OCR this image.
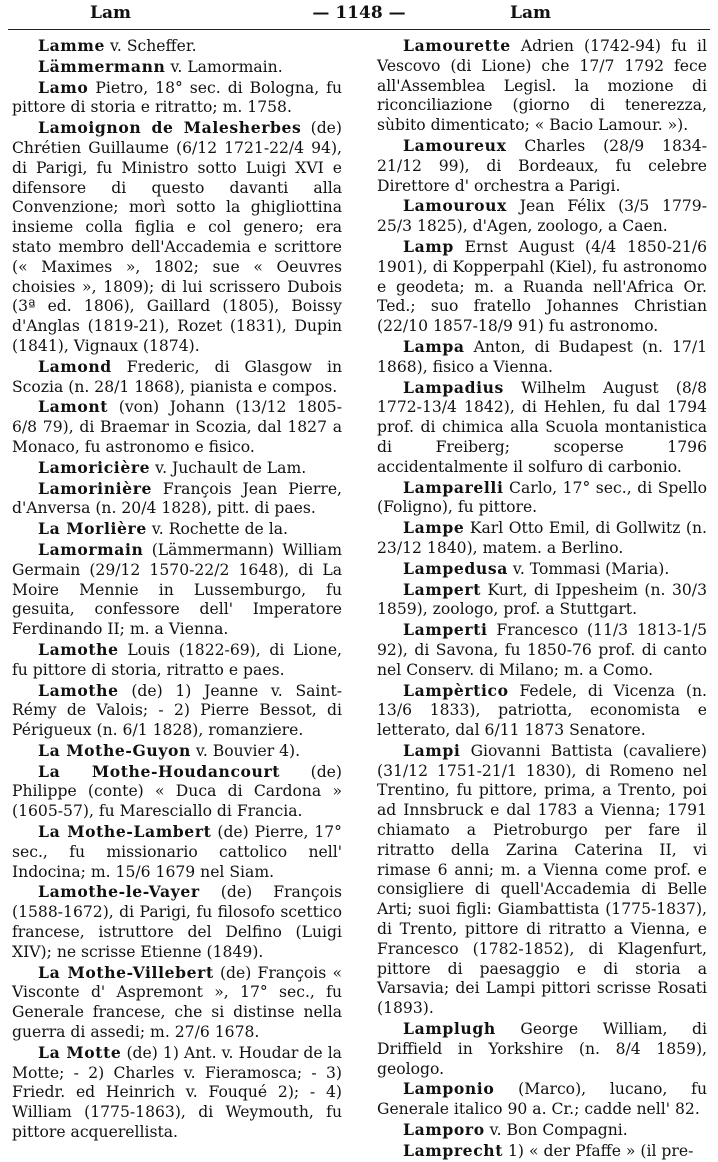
Lam	— 1148 —	Lam

Lamme v. Scheffer.

Lämmermann v. Lamormain.

Lamo Pietro, 18° sec. di Bologna, fu pittore di storia e ritratto; m. 1758.

Lamoignon de Malesherbes (de) Chrétien Guillaume (6/12 1721-22/4 94), di Parigi, fu Ministro sotto Luigi XVI e difensore di questo davanti alla Convenzione; morì sotto la ghigliottina insieme colla figlia e col genero; era stato membro dell'Accademia e scrittore (« Maximes », 1802; sue « Oeuvres choisies », 1809); di lui scrissero Dubois (3ª ed. 1806), Gaillard (1805), Boissy d'Anglas (1819-21), Rozet (1831), Dupin (1841), Vignaux (1874).

Lamond Frederic, di Glasgow in Scozia (n. 28/1 1868), pianista e compos.

Lamont (von) Johann (13/12 1805-6/8 79), di Braemar in Scozia, dal 1827 a Monaco, fu astronomo e fisico.

Lamoricière v. Juchault de Lam.

Lamorinière François Jean Pierre, d'Anversa (n. 20/4 1828), pitt. di paes.

La Morlière v. Rochette de la.

Lamormain (Lämmermann) William Germain (29/12 1570-22/2 1648), di La Moire Mennie in Lussemburgo, fu gesuita, confessore dell' Imperatore Ferdinando II; m. a Vienna.

Lamothe Louis (1822-69), di Lione, fu pittore di storia, ritratto e paes.

Lamothe (de) 1) Jeanne v. Saint-Rémy de Valois; - 2) Pierre Bessot, di Périgueux (n. 6/1 1828), romanziere.

La Mothe-Guyon v. Bouvier 4).

La Mothe-Houdancourt (de) Philippe (conte) « Duca di Cardona » (1605-57), fu Maresciallo di Francia.

La Mothe-Lambert (de) Pierre, 17° sec., fu missionario cattolico nell' Indocina; m. 15/6 1679 nel Siam.

Lamothe-le-Vayer (de) François (1588-1672), di Parigi, fu filosofo scettico francese, istruttore del Delfino (Luigi XIV); ne scrisse Etienne (1849).

La Mothe-Villebert (de) François « Visconte d' Aspremont », 17° sec., fu Generale francese, che si distinse nella guerra di assedi; m. 27/6 1678.

La Motte (de) 1) Ant. v. Houdar de la Motte; - 2) Charles v. Fieramosca; - 3) Friedr. ed Heinrich v. Fouqué 2); - 4) William (1775-1863), di Weymouth, fu pittore acquerellista.

Lamourette Adrien (1742-94) fu il Vescovo (di Lione) che 17/7 1792 fece all'Assemblea Legisl. la mozione di riconciliazione (giorno di tenerezza, sùbito dimenticato; « Bacio Lamour. »).

Lamoureux Charles (28/9 1834-21/12 99), di Bordeaux, fu celebre Direttore d' orchestra a Parigi.

Lamouroux Jean Félix (3/5 1779-25/3 1825), d'Agen, zoologo, a Caen.

Lamp Ernst August (4/4 1850-21/6 1901), di Kopperpahl (Kiel), fu astronomo e geodeta; m. a Ruanda nell'Africa Or. Ted.; suo fratello Johannes Christian (22/10 1857-18/9 91) fu astronomo.

Lampa Anton, di Budapest (n. 17/1 1868), fisico a Vienna.

Lampadius Wilhelm August (8/8 1772-13/4 1842), di Hehlen, fu dal 1794 prof. di chimica alla Scuola montanistica di Freiberg; scoperse 1796 accidentalmente il solfuro di carbonio.

Lamparelli Carlo, 17° sec., di Spello (Foligno), fu pittore.

Lampe Karl Otto Emil, di Gollwitz (n. 23/12 1840), matem. a Berlino.

Lampedusa v. Tommasi (Maria).

Lampert Kurt, di Ippesheim (n. 30/3 1859), zoologo, prof. a Stuttgart.

Lamperti Francesco (11/3 1813-1/5 92), di Savona, fu 1850-76 prof. di canto nel Conserv. di Milano; m. a Como.

Lampèrtico Fedele, di Vicenza (n. 13/6 1833), patriotta, economista e letterato, dal 6/11 1873 Senatore.

Lampi Giovanni Battista (cavaliere) (31/12 1751-21/1 1830), di Romeno nel Trentino, fu pittore, prima, a Trento, poi ad Innsbruck e dal 1783 a Vienna; 1791 chiamato a Pietroburgo per fare il ritratto della Zarina Caterina II, vi rimase 6 anni; m. a Vienna come prof. e consigliere di quell'Accademia di Belle Arti; suoi figli: Giambattista (1775-1837), di Trento, pittore di ritratto a Vienna, e Francesco (1782-1852), di Klagenfurt, pittore di paesaggio e di storia a Varsavia; dei Lampi pittori scrisse Rosati (1893).

Lamplugh George William, di Driffield in Yorkshire (n. 8/4 1859), geologo.

Lamponio (Marco), lucano, fu Generale italico 90 a. Cr.; cadde nell' 82.

Lamporo v. Bon Compagni.

Lamprecht 1) « der Pfaffe » (il pre-
